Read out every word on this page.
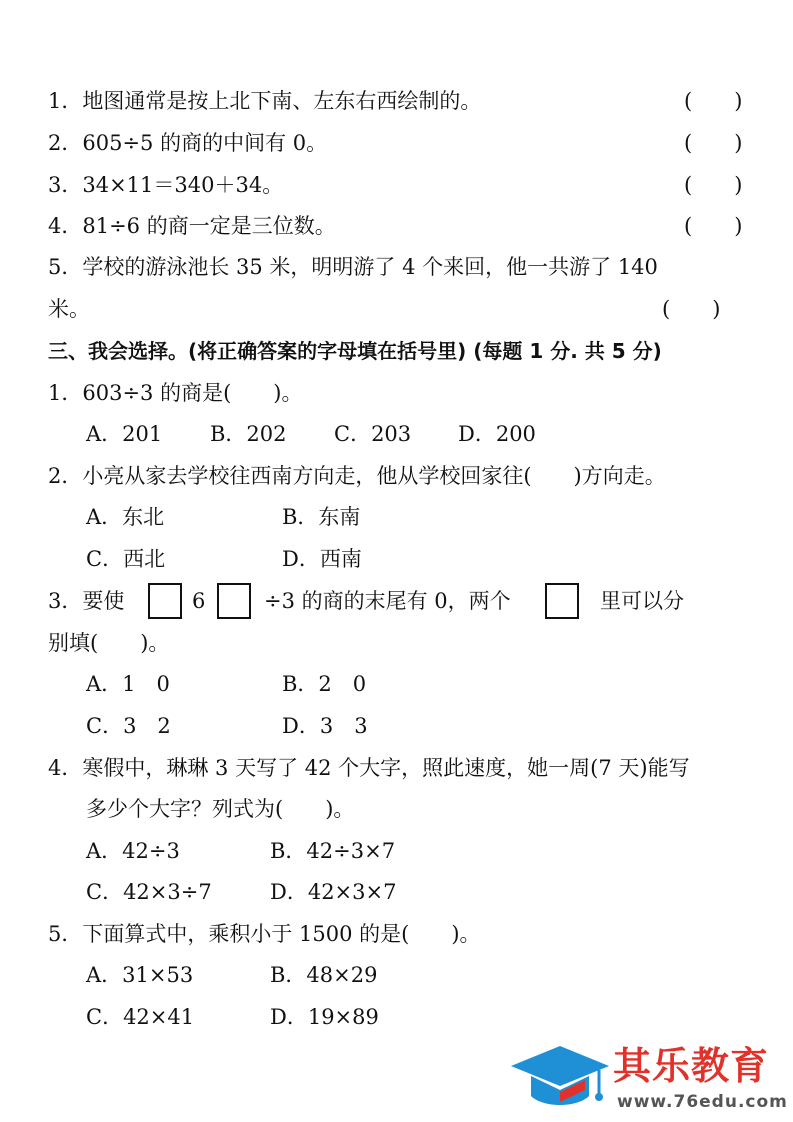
1．地图通常是按上北下南、左东右西绘制的。	(　　)
2．605÷5 的商的中间有 0。	(　　)
3．34×11＝340＋34。	(　　)
4．81÷6 的商一定是三位数。	(　　)
5．学校的游泳池长 35 米，明明游了 4 个来回，他一共游了 140
米。	(　　)
三、我会选择。(将正确答案的字母填在括号里) (每题 1 分. 共 5 分)
1．603÷3 的商是(　　)。
A．201 B．202 C．203 D．200
2．小亮从家去学校往西南方向走，他从学校回家往(　　)方向走。
A．东北	B．东南
C．西北	D．西南
3．要使	6	÷3 的商的末尾有 0，两个	里可以分
别填(　　)。
A．1　0	B．2　0
C．3　2	D．3　3
4．寒假中，琳琳 3 天写了 42 个大字，照此速度，她一周(7 天)能写
多少个大字？列式为(　　)。
A．42÷3	B．42÷3×7
C．42×3÷7	D．42×3×7
5．下面算式中，乘积小于 1500 的是(　　)。
A．31×53	B．48×29
C．42×41	D．19×89
其乐教育
www.76edu.com
